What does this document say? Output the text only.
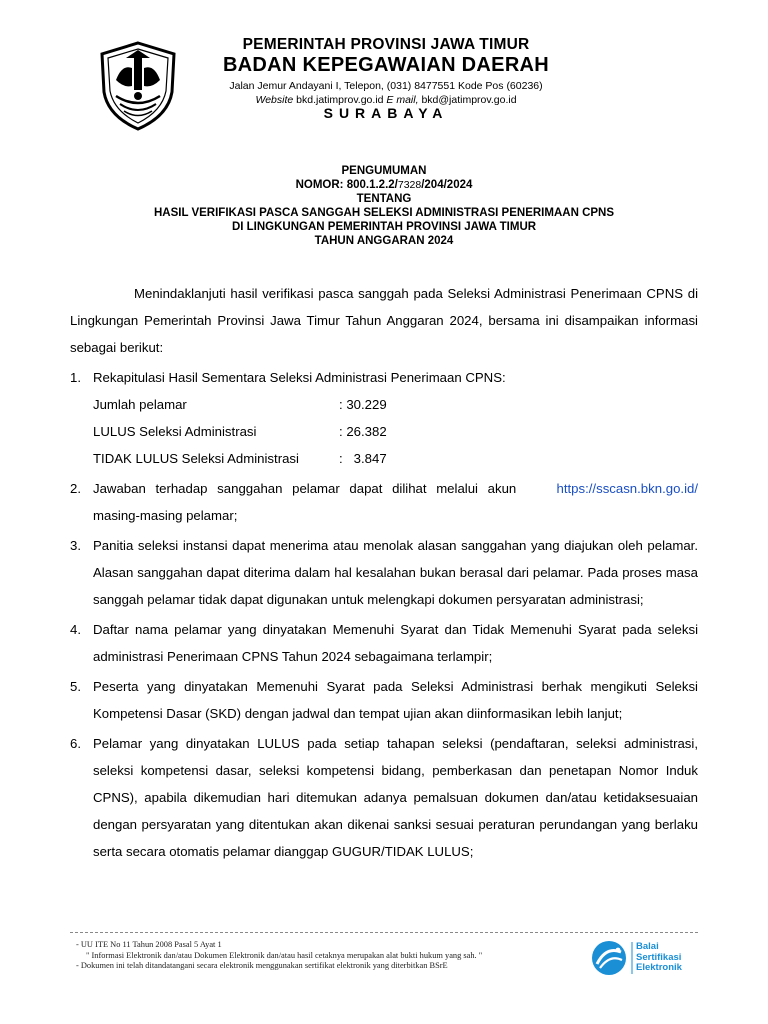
PEMERINTAH PROVINSI JAWA TIMUR
BADAN KEPEGAWAIAN DAERAH
Jalan Jemur Andayani I, Telepon, (031) 8477551 Kode Pos (60236)
Website bkd.jatimprov.go.id E mail, bkd@jatimprov.go.id
SURABAYA
PENGUMUMAN
NOMOR: 800.1.2.2/7328/204/2024
TENTANG
HASIL VERIFIKASI PASCA SANGGAH SELEKSI ADMINISTRASI PENERIMAAN CPNS
DI LINGKUNGAN PEMERINTAH PROVINSI JAWA TIMUR
TAHUN ANGGARAN 2024

Menindaklanjuti hasil verifikasi pasca sanggah pada Seleksi Administrasi Penerimaan CPNS di Lingkungan Pemerintah Provinsi Jawa Timur Tahun Anggaran 2024, bersama ini disampaikan informasi sebagai berikut:

1. Rekapitulasi Hasil Sementara Seleksi Administrasi Penerimaan CPNS:
Jumlah pelamar	: 30.229
LULUS Seleksi Administrasi	: 26.382
TIDAK LULUS Seleksi Administrasi	:   3.847
2. Jawaban terhadap sanggahan pelamar dapat dilihat melalui akun	https://sscasn.bkn.go.id/
masing-masing pelamar;
3. Panitia seleksi instansi dapat menerima atau menolak alasan sanggahan yang diajukan oleh pelamar. Alasan sanggahan dapat diterima dalam hal kesalahan bukan berasal dari pelamar. Pada proses masa sanggah pelamar tidak dapat digunakan untuk melengkapi dokumen persyaratan administrasi;
4. Daftar nama pelamar yang dinyatakan Memenuhi Syarat dan Tidak Memenuhi Syarat pada seleksi administrasi Penerimaan CPNS Tahun 2024 sebagaimana terlampir;
5. Peserta yang dinyatakan Memenuhi Syarat pada Seleksi Administrasi berhak mengikuti Seleksi Kompetensi Dasar (SKD) dengan jadwal dan tempat ujian akan diinformasikan lebih lanjut;
6. Pelamar yang dinyatakan LULUS pada setiap tahapan seleksi (pendaftaran, seleksi administrasi, seleksi kompetensi dasar, seleksi kompetensi bidang, pemberkasan dan penetapan Nomor Induk CPNS), apabila dikemudian hari ditemukan adanya pemalsuan dokumen dan/atau ketidaksesuaian dengan persyaratan yang ditentukan akan dikenai sanksi sesuai peraturan perundangan yang berlaku serta secara otomatis pelamar dianggap GUGUR/TIDAK LULUS;
- UU ITE No 11 Tahun 2008 Pasal 5 Ayat 1
" Informasi Elektronik dan/atau Dokumen Elektronik dan/atau hasil cetaknya merupakan alat bukti hukum yang sah. "
- Dokumen ini telah ditandatangani secara elektronik menggunakan sertifikat elektronik yang diterbitkan BSrE
Balai
Sertifikasi
Elektronik
